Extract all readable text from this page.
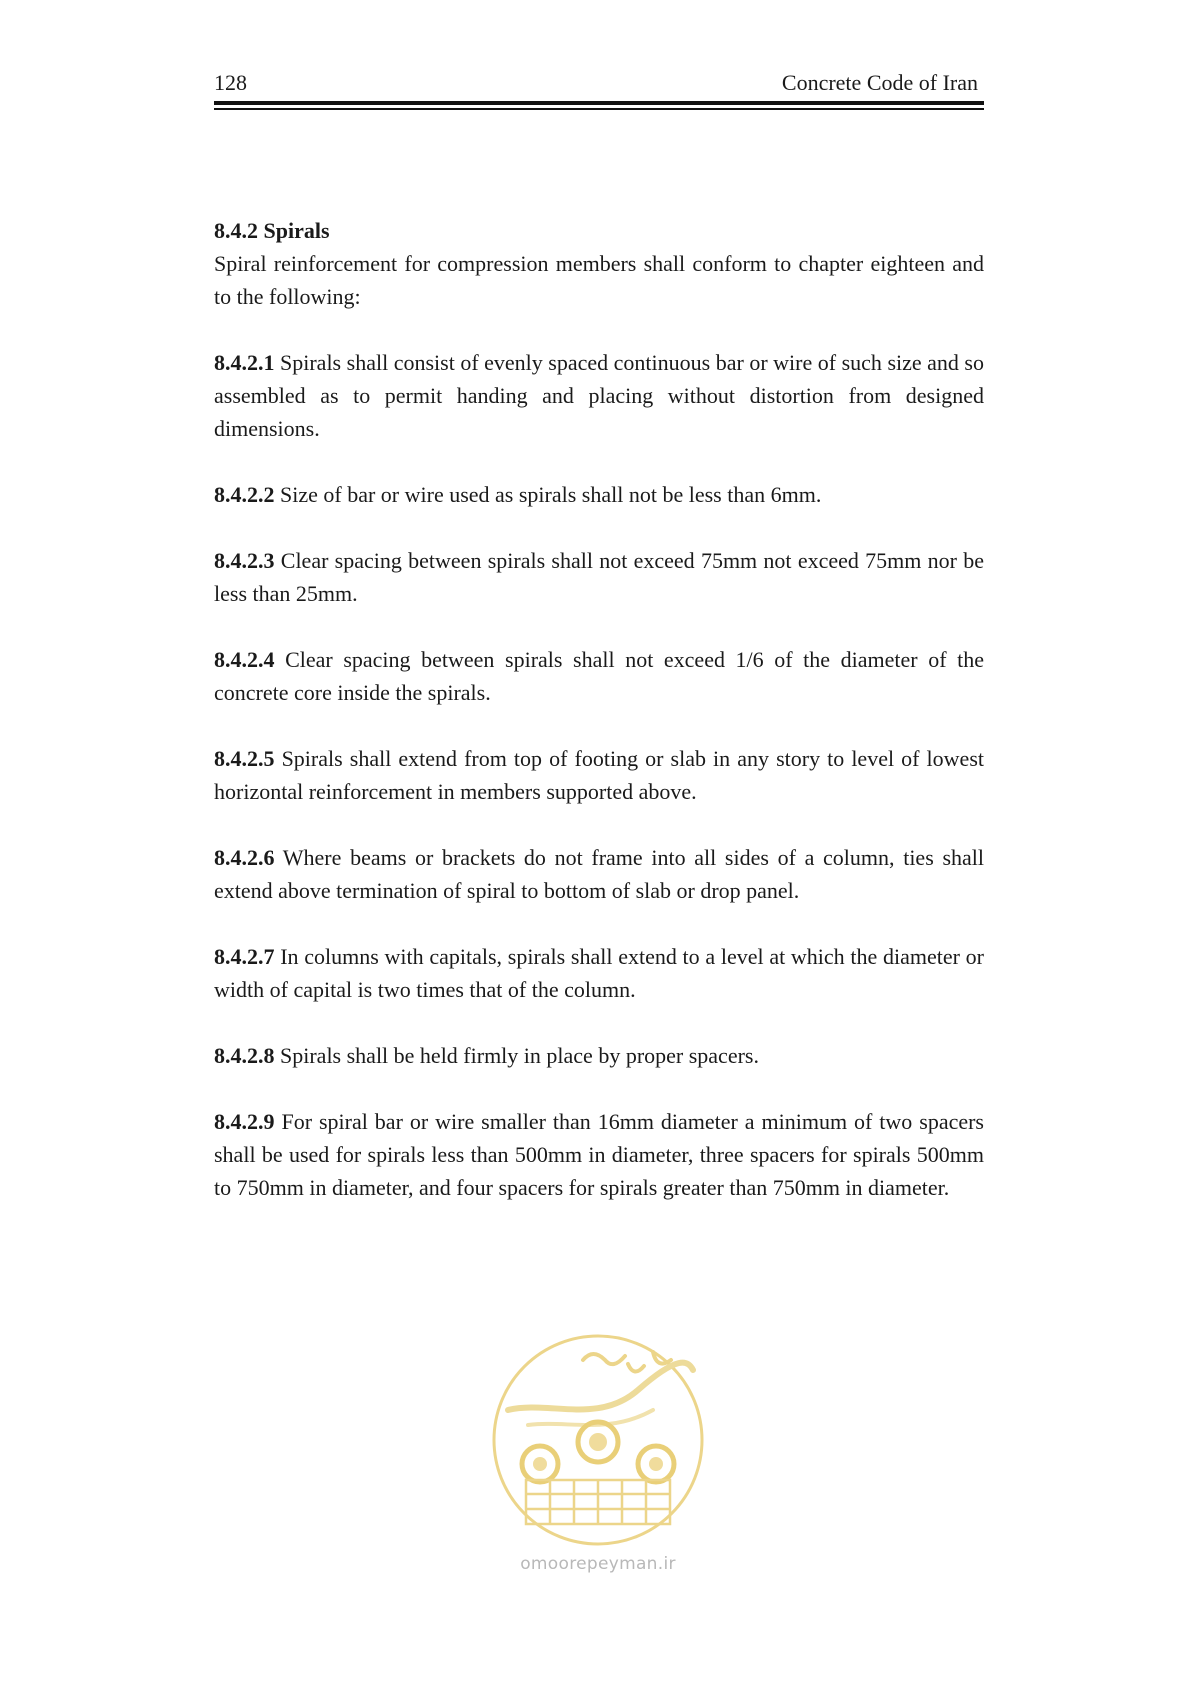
128	Concrete Code of Iran

8.4.2 Spirals

Spiral reinforcement for compression members shall conform to chapter eighteen and to the following:

8.4.2.1 Spirals shall consist of evenly spaced continuous bar or wire of such size and so assembled as to permit handing and placing without distortion from designed dimensions.

8.4.2.2 Size of bar or wire used as spirals shall not be less than 6mm.

8.4.2.3 Clear spacing between spirals shall not exceed 75mm not exceed 75mm nor be less than 25mm.

8.4.2.4 Clear spacing between spirals shall not exceed 1/6 of the diameter of the concrete core inside the spirals.

8.4.2.5 Spirals shall extend from top of footing or slab in any story to level of lowest horizontal reinforcement in members supported above.

8.4.2.6 Where beams or brackets do not frame into all sides of a column, ties shall extend above termination of spiral to bottom of slab or drop panel.

8.4.2.7 In columns with capitals, spirals shall extend to a level at which the diameter or width of capital is two times that of the column.

8.4.2.8 Spirals shall be held firmly in place by proper spacers.

8.4.2.9 For spiral bar or wire smaller than 16mm diameter a minimum of two spacers shall be used for spirals less than 500mm in diameter, three spacers for spirals 500mm to 750mm in diameter, and four spacers for spirals greater than 750mm in diameter.

omoorepeyman.ir
